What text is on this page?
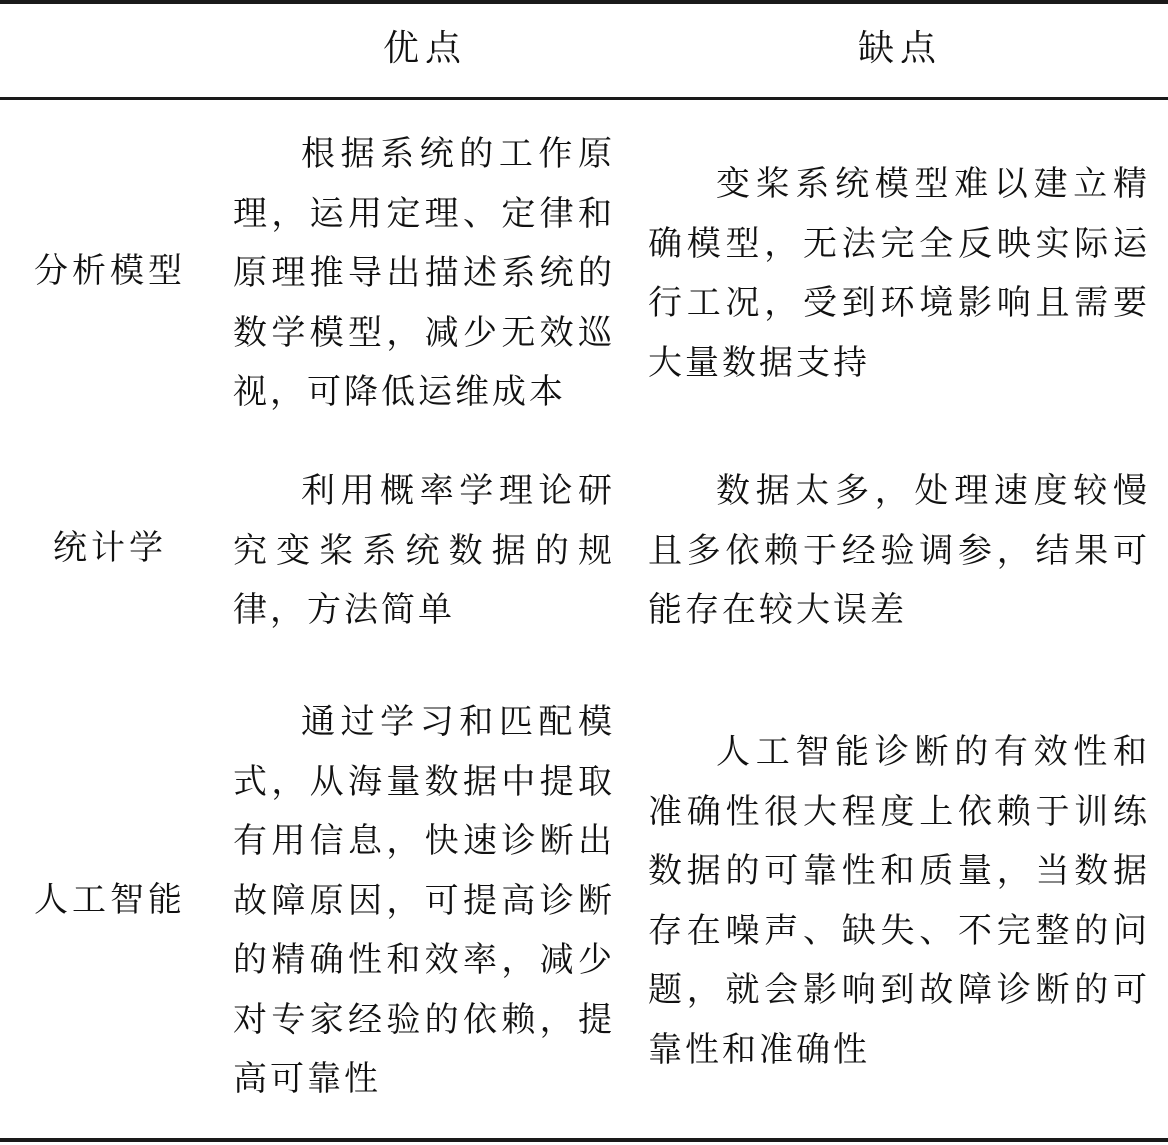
优点	缺点
分析模型
根据系统的工作原理，运用定理、定律和原理推导出描述系统的数学模型，减少无效巡视，可降低运维成本
变桨系统模型难以建立精确模型，无法完全反映实际运行工况，受到环境影响且需要大量数据支持
统计学
利用概率学理论研究变桨系统数据的规律，方法简单
数据太多，处理速度较慢且多依赖于经验调参，结果可能存在较大误差
人工智能
通过学习和匹配模式，从海量数据中提取有用信息，快速诊断出故障原因，可提高诊断的精确性和效率，减少对专家经验的依赖，提高可靠性
人工智能诊断的有效性和准确性很大程度上依赖于训练数据的可靠性和质量，当数据存在噪声、缺失、不完整的问题，就会影响到故障诊断的可靠性和准确性
